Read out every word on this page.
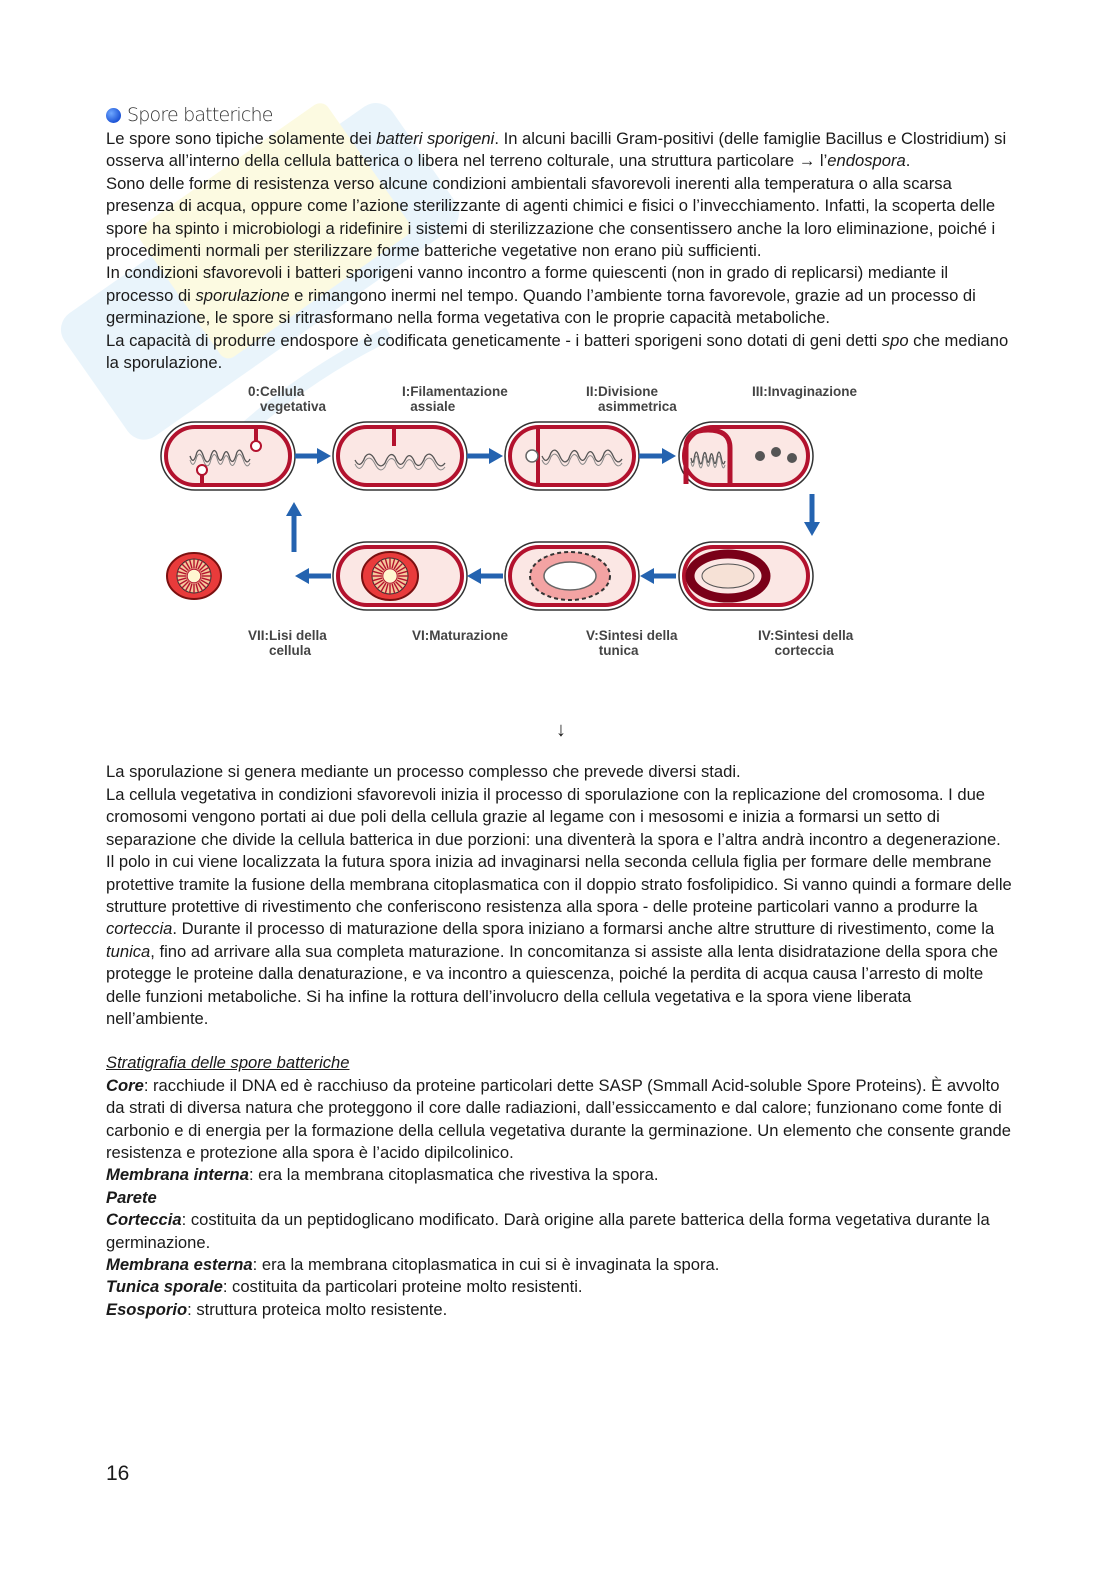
Spore batteriche

Le spore sono tipiche solamente dei batteri sporigeni. In alcuni bacilli Gram-positivi (delle famiglie Bacillus e Clostridium) si osserva all’interno della cellula batterica o libera nel terreno colturale, una struttura particolare → l’endospora.

Sono delle forme di resistenza verso alcune condizioni ambientali sfavorevoli inerenti alla temperatura o alla scarsa presenza di acqua, oppure come l’azione sterilizzante di agenti chimici e fisici o l’invecchiamento. Infatti, la scoperta delle spore ha spinto i microbiologi a ridefinire i sistemi di sterilizzazione che consentissero anche la loro eliminazione, poiché i procedimenti normali per sterilizzare forme batteriche vegetative non erano più sufficienti.

In condizioni sfavorevoli i batteri sporigeni vanno incontro a forme quiescenti (non in grado di replicarsi) mediante il processo di sporulazione e rimangono inermi nel tempo. Quando l’ambiente torna favorevole, grazie ad un processo di germinazione, le spore si ritrasformano nella forma vegetativa con le proprie capacità metaboliche.

La capacità di produrre endospore è codificata geneticamente - i batteri sporigeni sono dotati di geni detti spo che mediano la sporulazione.

0:Cellula
vegetativa
I:Filamentazione
assiale
II:Divisione
asimmetrica
III:Invaginazione
IV:Sintesi della
corteccia
V:Sintesi della
tunica
VI:Maturazione
VII:Lisi della
cellula
↓

La sporulazione si genera mediante un processo complesso che prevede diversi stadi.

La cellula vegetativa in condizioni sfavorevoli inizia il processo di sporulazione con la replicazione del cromosoma. I due cromosomi vengono portati ai due poli della cellula grazie al legame con i mesosomi e inizia a formarsi un setto di separazione che divide la cellula batterica in due porzioni: una diventerà la spora e l’altra andrà incontro a degenerazione.

Il polo in cui viene localizzata la futura spora inizia ad invaginarsi nella seconda cellula figlia per formare delle membrane protettive tramite la fusione della membrana citoplasmatica con il doppio strato fosfolipidico. Si vanno quindi a formare delle strutture protettive di rivestimento che conferiscono resistenza alla spora - delle proteine particolari vanno a produrre la corteccia. Durante il processo di maturazione della spora iniziano a formarsi anche altre strutture di rivestimento, come la tunica, fino ad arrivare alla sua completa maturazione. In concomitanza si assiste alla lenta disidratazione della spora che protegge le proteine dalla denaturazione, e va incontro a quiescenza, poiché la perdita di acqua causa l’arresto di molte delle funzioni metaboliche. Si ha infine la rottura dell’involucro della cellula vegetativa e la spora viene liberata nell’ambiente.

Stratigrafia delle spore batteriche

Core: racchiude il DNA ed è racchiuso da proteine particolari dette SASP (Smmall Acid-soluble Spore Proteins). È avvolto da strati di diversa natura che proteggono il core dalle radiazioni, dall’essiccamento e dal calore; funzionano come fonte di carbonio e di energia per la formazione della cellula vegetativa durante la germinazione. Un elemento che consente grande resistenza e protezione alla spora è l’acido dipilcolinico.

Membrana interna: era la membrana citoplasmatica che rivestiva la spora.

Parete

Corteccia: costituita da un peptidoglicano modificato. Darà origine alla parete batterica della forma vegetativa durante la germinazione.

Membrana esterna: era la membrana citoplasmatica in cui si è invaginata la spora.

Tunica sporale: costituita da particolari proteine molto resistenti.

Esosporio: struttura proteica molto resistente.

16
